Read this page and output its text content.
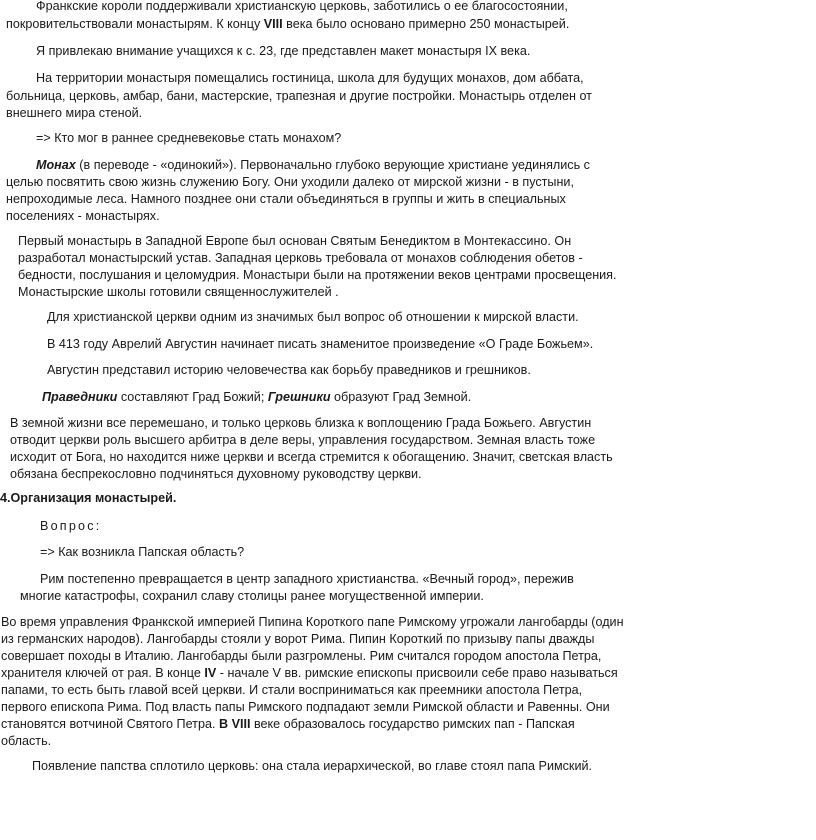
Франкские короли поддерживали христианскую церковь, заботились о ее благосостоянии,
покровительствовали монастырям. К концу VIII века было основано примерно 250 монастырей.
Я привлекаю внимание учащихся к с. 23, где представлен макет монастыря IX века.
На территории монастыря помещались гостиница, школа для будущих монахов, дом аббата,
больница, церковь, амбар, бани, мастерские, трапезная и другие постройки. Монастырь отделен от
внешнего мира стеной.
=> Кто мог в раннее средневековье стать монахом?
Монах (в переводе - «одинокий»). Первоначально глубоко верующие христиане уединялись с
целью посвятить свою жизнь служению Богу. Они уходили далеко от мирской жизни - в пустыни,
непроходимые леса. Намного позднее они стали объединяться в группы и жить в специальных
поселениях - монастырях.
Первый монастырь в Западной Европе был основан Святым Бенедиктом в Монтекассино. Он
разработал монастырский устав. Западная церковь требовала от монахов соблюдения обетов -
бедности, послушания и целомудрия. Монастыри были на протяжении веков центрами просвещения.
Монастырские школы готовили священнослужителей .
Для христианской церкви одним из значимых был вопрос об отношении к мирской власти.
В 413 году Аврелий Августин начинает писать знаменитое произведение «О Граде Божьем».
Августин представил историю человечества как борьбу праведников и грешников.
Праведники составляют Град Божий; Грешники образуют Град Земной.
В земной жизни все перемешано, и только церковь близка к воплощению Града Божьего. Августин
отводит церкви роль высшего арбитра в деле веры, управления государством. Земная власть тоже
исходит от Бога, но находится ниже церкви и всегда стремится к обогащению. Значит, светская власть
обязана беспрекословно подчиняться духовному руководству церкви.
4.Организация монастырей.
Вопрос:
=> Как возникла Папская область?
Рим постепенно превращается в центр западного христианства. «Вечный город», пережив
многие катастрофы, сохранил славу столицы ранее могущественной империи.
Во время управления Франкской империей Пипина Короткого папе Римскому угрожали лангобарды (один
из германских народов). Лангобарды стояли у ворот Рима. Пипин Короткий по призыву папы дважды
совершает походы в Италию. Лангобарды были разгромлены. Рим считался городом апостола Петра,
хранителя ключей от рая. В конце IV - начале V вв. римские епископы присвоили себе право называться
папами, то есть быть главой всей церкви. И стали восприниматься как преемники апостола Петра,
первого епископа Рима. Под власть папы Римского подпадают земли Римской области и Равенны. Они
становятся вотчиной Святого Петра. В VIII веке образовалось государство римских пап - Папская
область.
Появление папства сплотило церковь: она стала иерархической, во главе стоял папа Римский.
